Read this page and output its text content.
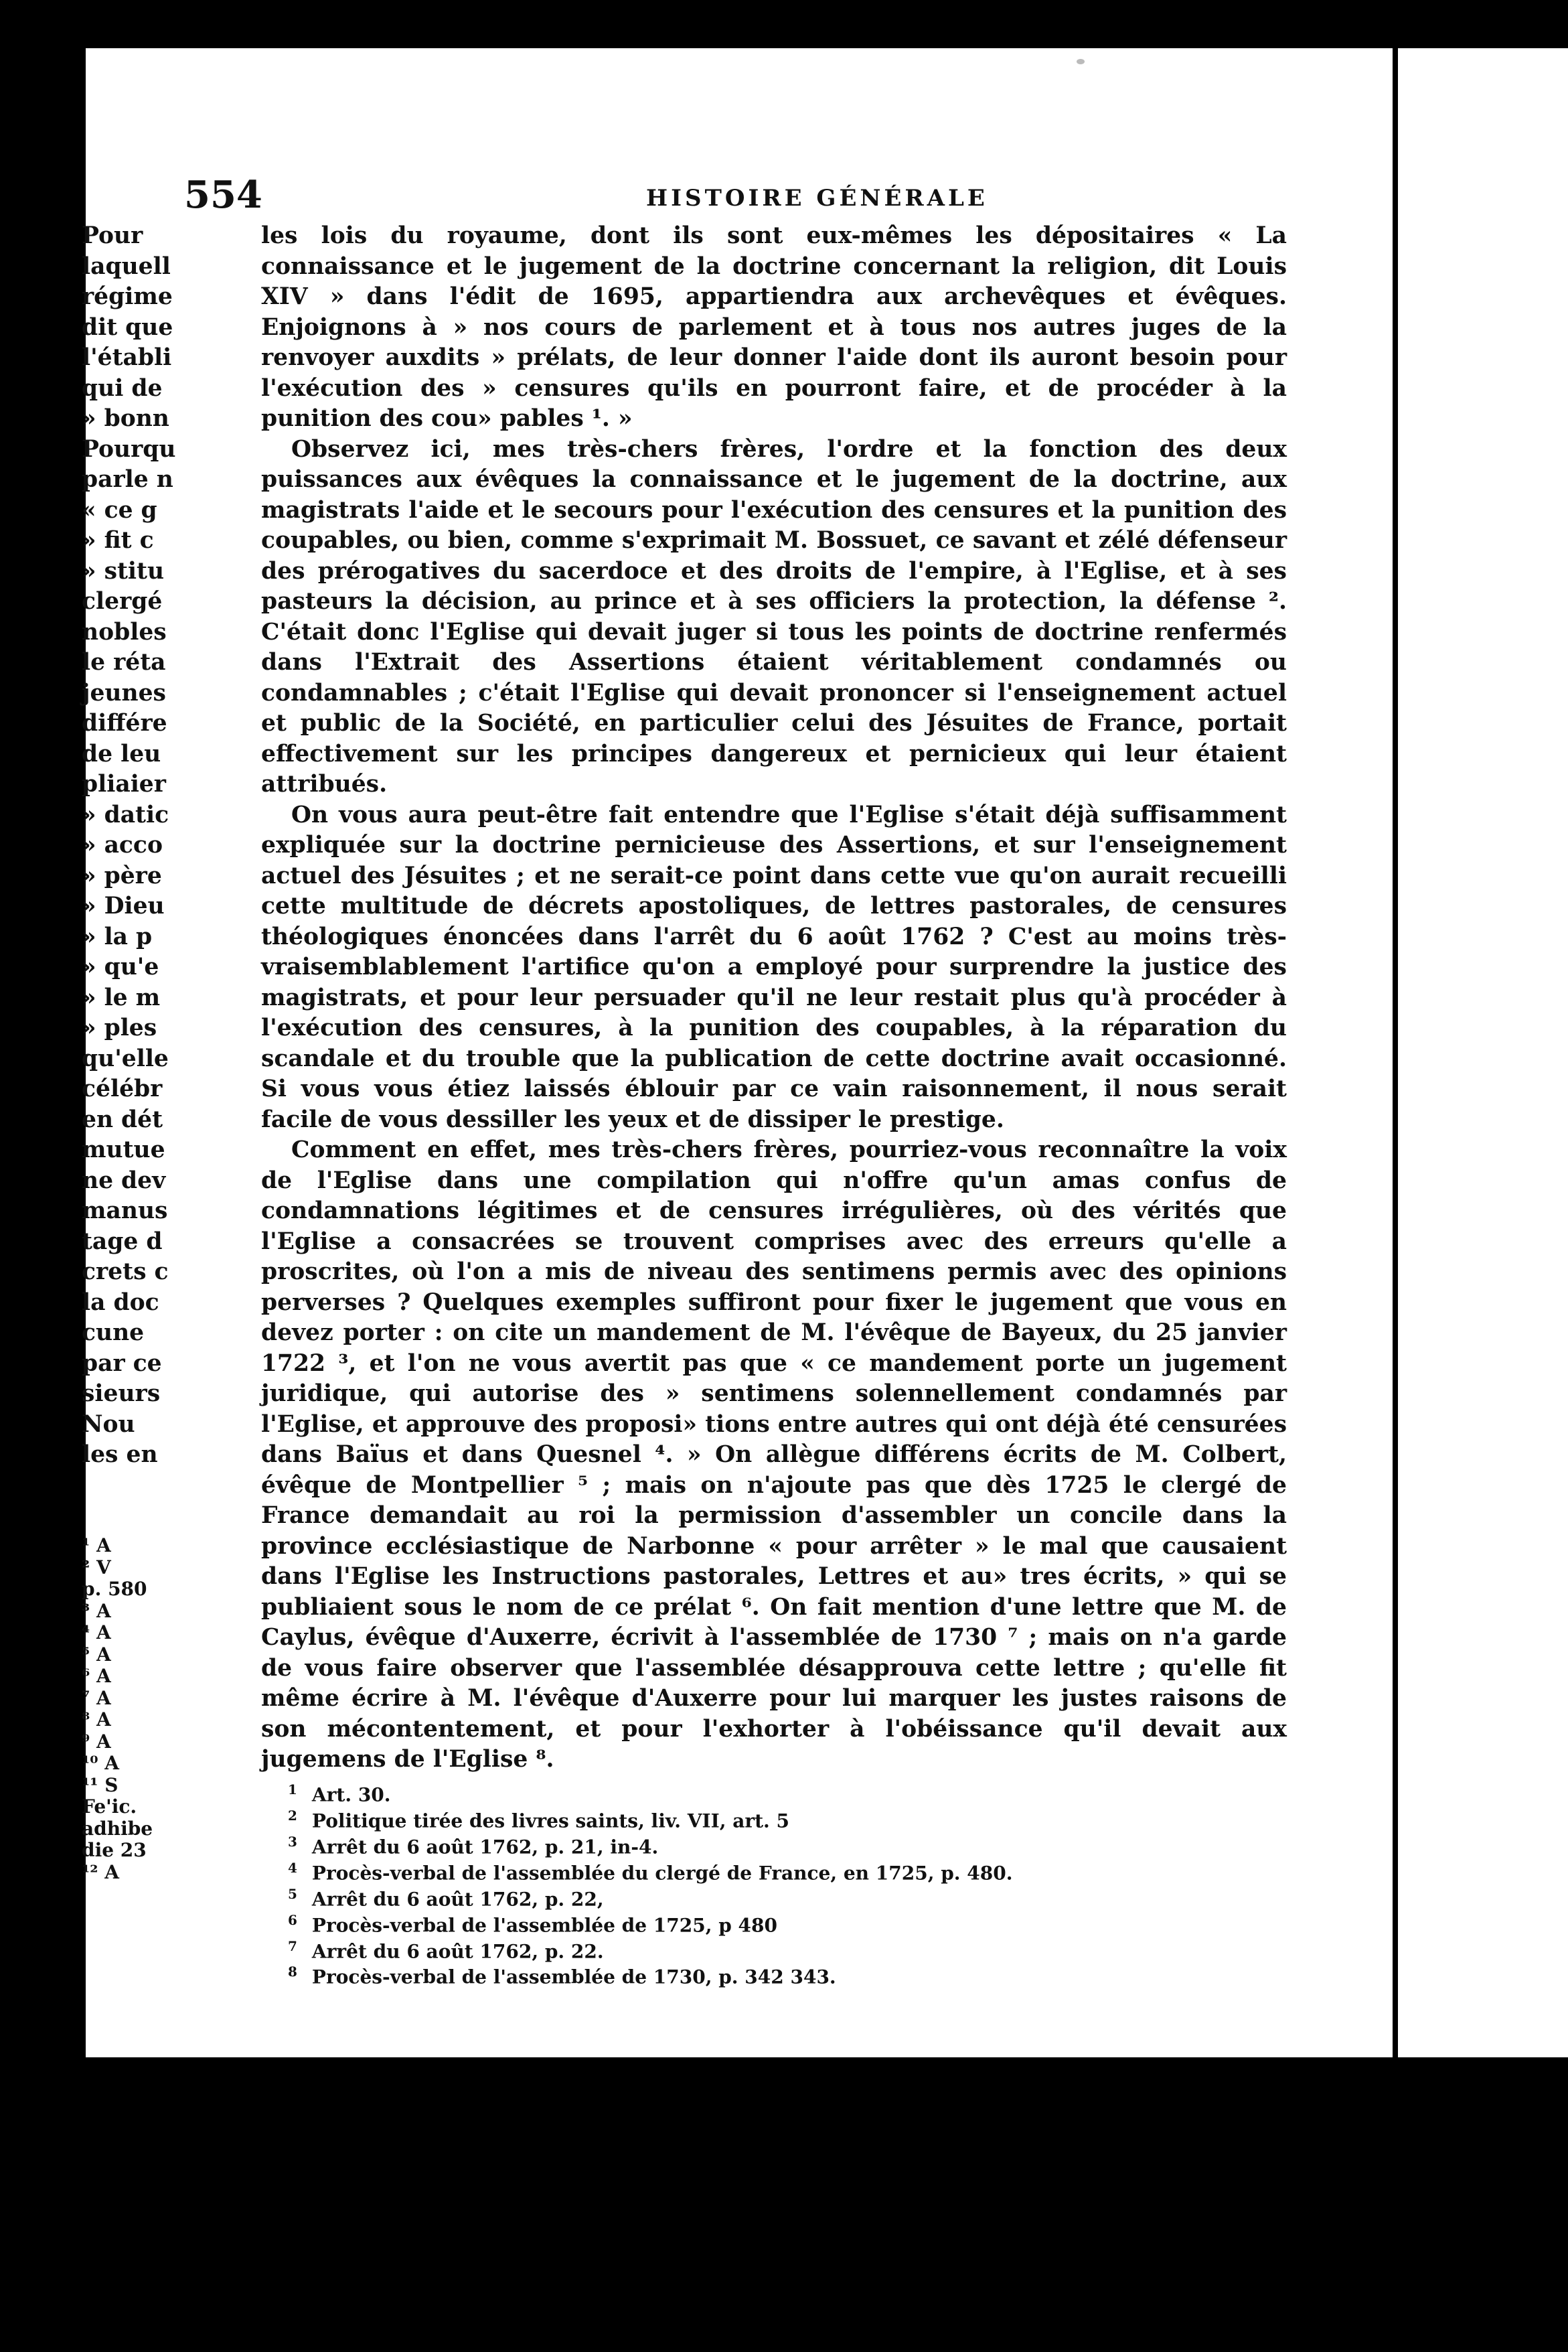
554	HISTOIRE GÉNÉRALE

les lois du royaume, dont ils sont eux-mêmes les dépositaires « La connaissance et le jugement de la doctrine concernant la religion, dit Louis XIV » dans l'édit de 1695, appartiendra aux archevêques et évêques. Enjoignons à » nos cours de parlement et à tous nos autres juges de la renvoyer auxdits » prélats, de leur donner l'aide dont ils auront besoin pour l'exécution des » censures qu'ils en pourront faire, et de procéder à la punition des cou» pables ¹. »

Observez ici, mes très-chers frères, l'ordre et la fonction des deux puissances aux évêques la connaissance et le jugement de la doctrine, aux magistrats l'aide et le secours pour l'exécution des censures et la punition des coupables, ou bien, comme s'exprimait M. Bossuet, ce savant et zélé défenseur des prérogatives du sacerdoce et des droits de l'empire, à l'Eglise, et à ses pasteurs la décision, au prince et à ses officiers la protection, la défense ². C'était donc l'Eglise qui devait juger si tous les points de doctrine renfermés dans l'Extrait des Assertions étaient véritablement condamnés ou condamnables ; c'était l'Eglise qui devait prononcer si l'enseignement actuel et public de la Société, en particulier celui des Jésuites de France, portait effectivement sur les principes dangereux et pernicieux qui leur étaient attribués.

On vous aura peut-être fait entendre que l'Eglise s'était déjà suffisamment expliquée sur la doctrine pernicieuse des Assertions, et sur l'enseignement actuel des Jésuites ; et ne serait-ce point dans cette vue qu'on aurait recueilli cette multitude de décrets apostoliques, de lettres pastorales, de censures théologiques énoncées dans l'arrêt du 6 août 1762 ? C'est au moins très-vraisemblablement l'artifice qu'on a employé pour surprendre la justice des magistrats, et pour leur persuader qu'il ne leur restait plus qu'à procéder à l'exécution des censures, à la punition des coupables, à la réparation du scandale et du trouble que la publication de cette doctrine avait occasionné. Si vous vous étiez laissés éblouir par ce vain raisonnement, il nous serait facile de vous dessiller les yeux et de dissiper le prestige.

Comment en effet, mes très-chers frères, pourriez-vous reconnaître la voix de l'Eglise dans une compilation qui n'offre qu'un amas confus de condamnations légitimes et de censures irrégulières, où des vérités que l'Eglise a consacrées se trouvent comprises avec des erreurs qu'elle a proscrites, où l'on a mis de niveau des sentimens permis avec des opinions perverses ? Quelques exemples suffiront pour fixer le jugement que vous en devez porter : on cite un mandement de M. l'évêque de Bayeux, du 25 janvier 1722 ³, et l'on ne vous avertit pas que « ce mandement porte un jugement juridique, qui autorise des » sentimens solennellement condamnés par l'Eglise, et approuve des proposi» tions entre autres qui ont déjà été censurées dans Baïus et dans Quesnel ⁴. » On allègue différens écrits de M. Colbert, évêque de Montpellier ⁵ ; mais on n'ajoute pas que dès 1725 le clergé de France demandait au roi la permission d'assembler un concile dans la province ecclésiastique de Narbonne « pour arrêter » le mal que causaient dans l'Eglise les Instructions pastorales, Lettres et au» tres écrits, » qui se publiaient sous le nom de ce prélat ⁶. On fait mention d'une lettre que M. de Caylus, évêque d'Auxerre, écrivit à l'assemblée de 1730 ⁷ ; mais on n'a garde de vous faire observer que l'assemblée désapprouva cette lettre ; qu'elle fit même écrire à M. l'évêque d'Auxerre pour lui marquer les justes raisons de son mécontentement, et pour l'exhorter à l'obéissance qu'il devait aux jugemens de l'Eglise ⁸.

$^1$ Art. 30.
$^2$ Politique tirée des livres saints, liv. VII, art. 5
$^3$ Arrêt du 6 août 1762, p. 21, in-4.
$^4$ Procès-verbal de l'assemblée du clergé de France, en 1725, p. 480.
$^5$ Arrêt du 6 août 1762, p. 22,
$^6$ Procès-verbal de l'assemblée de 1725, p 480
$^7$ Arrêt du 6 août 1762, p. 22.
$^8$ Procès-verbal de l'assemblée de 1730, p. 342 343.
Pour
laquell
régime
dit que
l'établi
qui de
» bonn
Pourqu
parle n
« ce g
» fit c
» stitu
clergé
nobles
le réta
jeunes
différe
de leu
pliaier
» datic
» acco
» père
» Dieu
» la p
» qu'e
» le m
» ples
qu'elle
célébr
en dét
mutue
ne dev
manus
tage d
crets c
la doc
cune
par ce
sieurs
Nou
les en
¹ A
² V
p. 580
³ A
⁴ A
⁵ A
⁶ A
⁷ A
⁸ A
⁹ A
¹⁰ A
¹¹ S
Fe'ic.
adhibe
die 23
¹² A
